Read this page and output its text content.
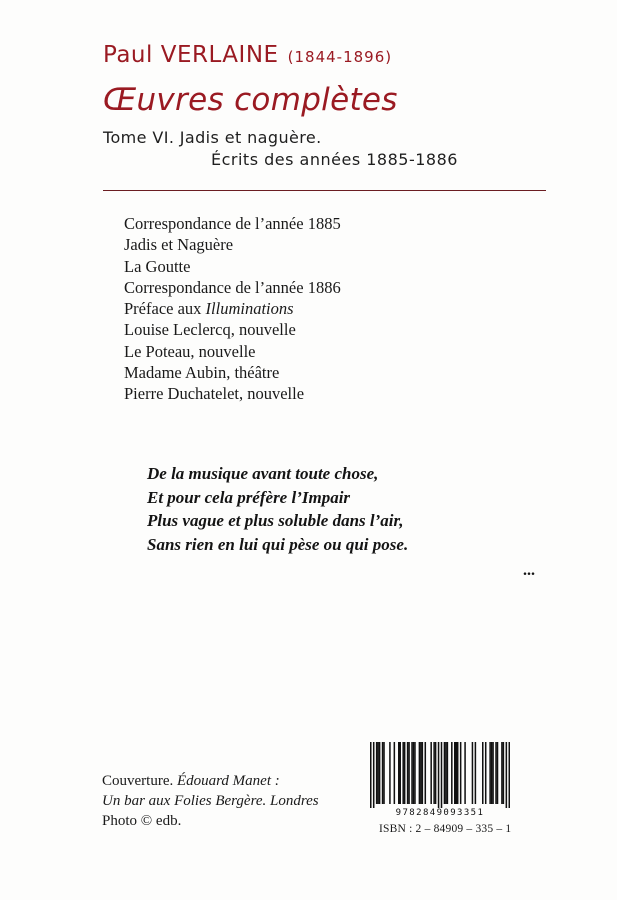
Paul VERLAINE (1844-1896)
Œuvres complètes
Tome VI. Jadis et naguère.
Écrits des années 1885-1886
Correspondance de l’année 1885
Jadis et Naguère
La Goutte
Correspondance de l’année 1886
Préface aux Illuminations
Louise Leclercq, nouvelle
Le Poteau, nouvelle
Madame Aubin, théâtre
Pierre Duchatelet, nouvelle
De la musique avant toute chose,
Et pour cela préfère l’Impair
Plus vague et plus soluble dans l’air,
Sans rien en lui qui pèse ou qui pose.
...
Couverture. Édouard Manet :
Un bar aux Folies Bergère. Londres
Photo © edb.	9782849093351
ISBN : 2 – 84909 – 335 – 1
